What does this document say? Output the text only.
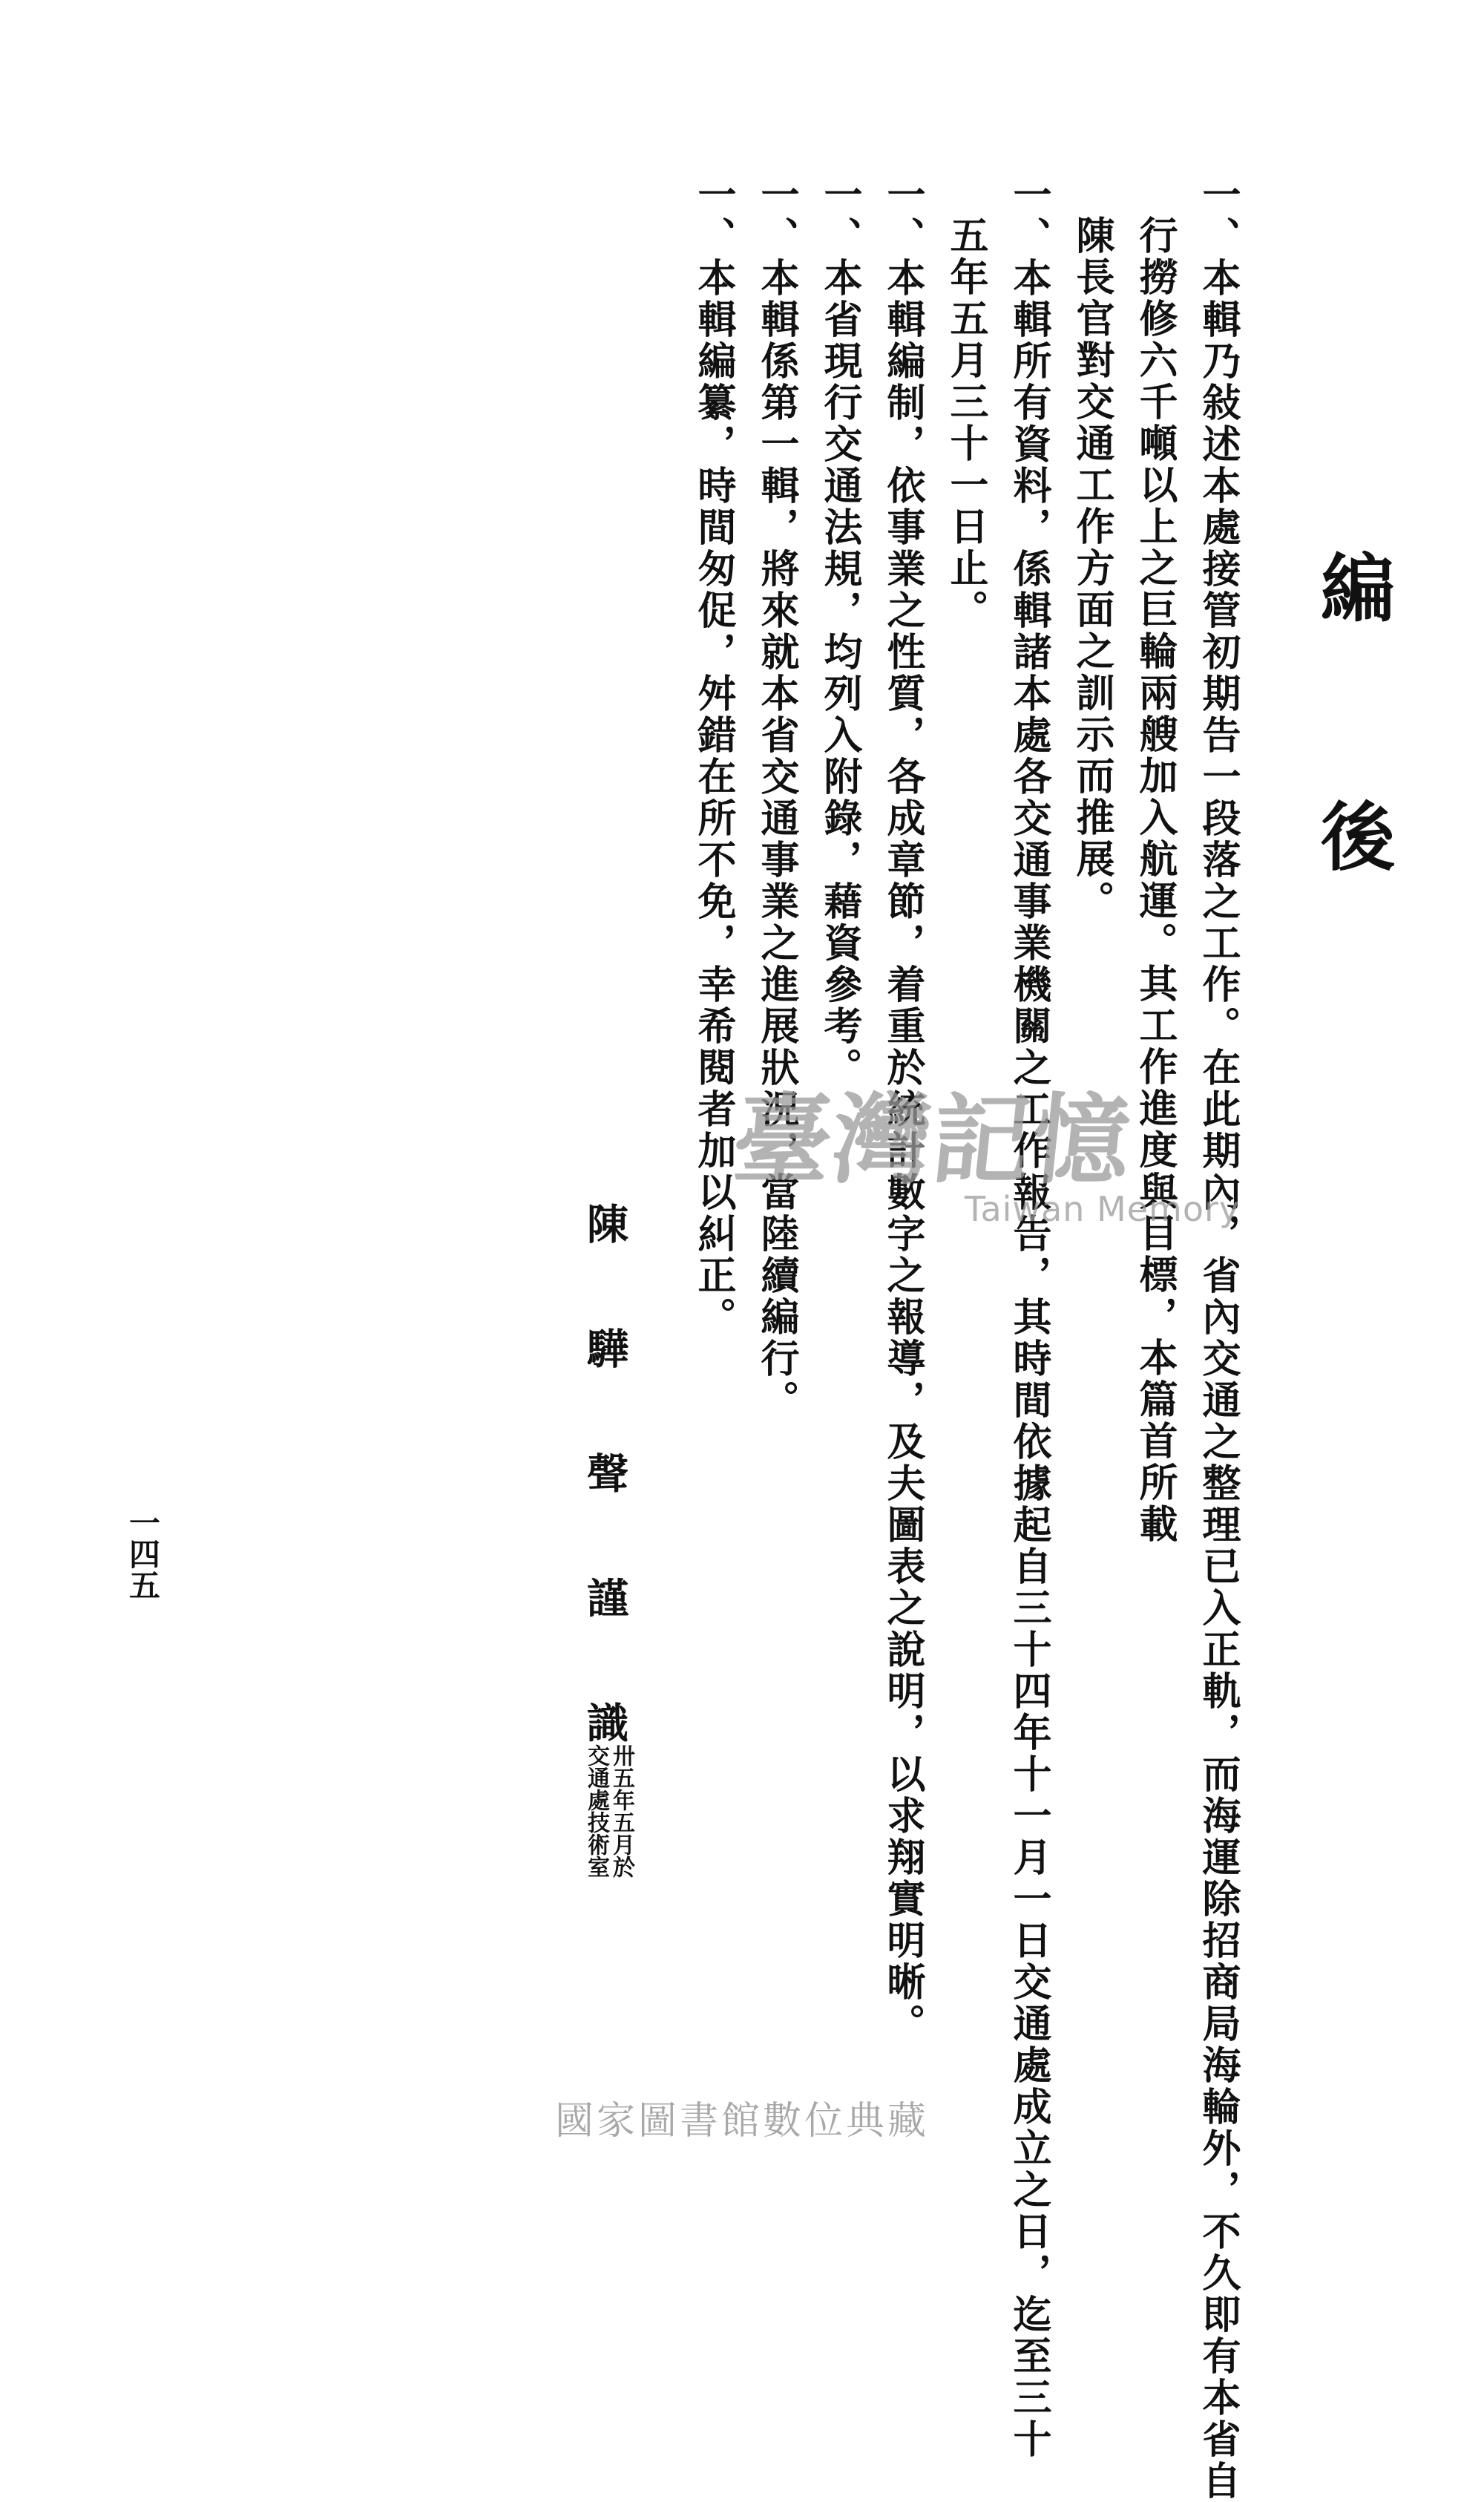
編
後
一、本輯乃敍述本處接管初期告一段落之工作。在此期內，省內交通之整理已入正軌，而海運除招商局海輪外，不久即有本省自
行撈修六千噸以上之巨輪兩艘加入航運。其工作進度與目標，本篇首所載
陳長官對交通工作方面之訓示而推展。
一、本輯所有資料，係輯諸本處各交通事業機關之工作報告，其時間依據起自三十四年十一月一日交通處成立之日，迄至三十
五年五月三十一日止。
一、本輯編制，依事業之性質，各成章節，着重於統計數字之報導，及夫圖表之說明，以求翔實明晰。
一、本省現行交通法規，均列入附錄，藉資參考。
一、本輯係第一輯，將來就本省交通事業之進展狀況，當陸續編行。
一、本輯編纂，時間匆促，舛錯在所不免，幸希閱者加以糾正。
臺灣記憶
Taiwan Memory
陳　　驊　　聲　　謹　　識
卅五年五月於
交通處技術室
一四五
國家圖書館數位典藏
